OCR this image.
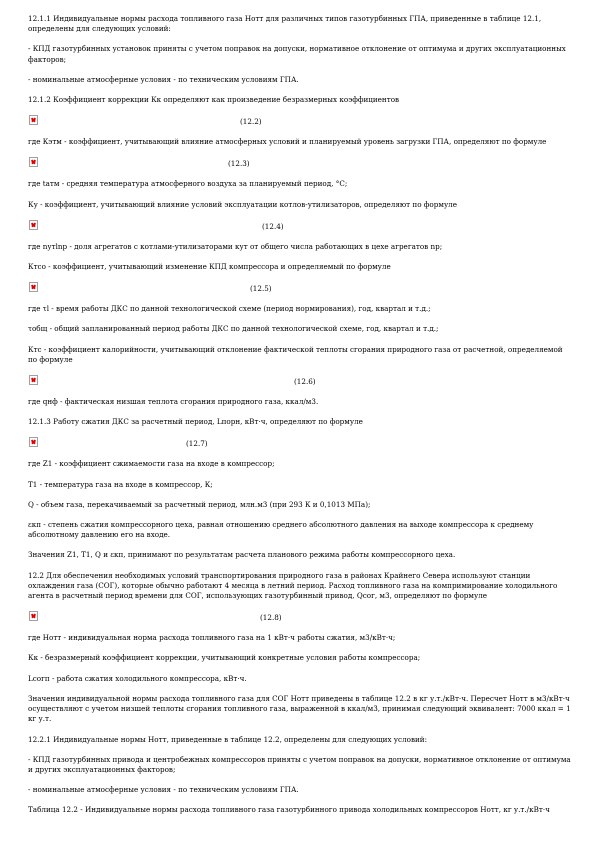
12.1.1 Индивидуальные нормы расхода топливного газа Нотт для различных типов газотурбинных ГПА, приведенные в таблице 12.1, определены для следующих условий:

- КПД газотурбинных установок приняты с учетом поправок на допуски, нормативное отклонение от оптимума и других эксплуатационных факторов;

- номинальные атмосферные условия - по техническим условиям ГПА.

12.1.2 Коэффициент коррекции Кк определяют как произведение безразмерных коэффициентов

(12.2)

где Кэтм - коэффициент, учитывающий влияние атмосферных условий и планируемый уровень загрузки ГПА, определяют по формуле

(12.3)

где tатм - средняя температура атмосферного воздуха за планируемый период, °С;

Ку - коэффициент, учитывающий влияние условий эксплуатации котлов-утилизаторов, определяют по формуле

(12.4)

где nутlnр - доля агрегатов с котлами-утилизаторами кут от общего числа работающих в цехе агрегатов nр;

Ктсо - коэффициент, учитывающий изменение КПД компрессора и определяемый по формуле

(12.5)

где τl - время работы ДКС по данной технологической схеме (период нормирования), год, квартал и т.д.;

τобщ - общий запланированный период работы ДКС по данной технологической схеме, год, квартал и т.д.;

Ктс - коэффициент калорийности, учитывающий отклонение фактической теплоты сгорания природного газа от расчетной, определяемой по формуле

(12.6)

где qнф - фактическая низшая теплота сгорания природного газа, ккал/м3.

12.1.3 Работу сжатия ДКС за расчетный период, Lпорн, кВт·ч, определяют по формуле

(12.7)

где Z1 - коэффициент сжимаемости газа на входе в компрессор;

T1 - температура газа на входе в компрессор, К;

Q - объем газа, перекачиваемый за расчетный период, млн.м3 (при 293 К и 0,1013 МПа);

εкп - степень сжатия компрессорного цеха, равная отношению среднего абсолютного давления на выходе компрессора к среднему абсолютному давлению его на входе.

Значения Z1, T1, Q и εкп, принимают по результатам расчета планового режима работы компрессорного цеха.

12.2 Для обеспечения необходимых условий транспортирования природного газа в районах Крайнего Севера используют станции охлаждения газа (СОГ), которые обычно работают 4 месяца в летний период. Расход топливного газа на компримирование холодильного агента в расчетный период времени для СОГ, использующих газотурбинный привод, Qсог, м3, определяют по формуле

(12.8)

где Нотт - индивидуальная норма расхода топливного газа на 1 кВт·ч работы сжатия, м3/кВт·ч;

Кк - безразмерный коэффициент коррекции, учитывающий конкретные условия работы компрессора;

Lсогп - работа сжатия холодильного компрессора, кВт·ч.

Значения индивидуальной нормы расхода топливного газа для СОГ Нотт приведены в таблице 12.2 в кг у.т./кВт·ч. Пересчет Нотт в м3/кВт·ч осуществляют с учетом низшей теплоты сгорания топливного газа, выраженной в ккал/м3, принимая следующий эквивалент: 7000 ккал = 1 кг у.т.

12.2.1 Индивидуальные нормы Нотт, приведенные в таблице 12.2, определены для следующих условий:

- КПД газотурбинных привода и центробежных компрессоров приняты с учетом поправок на допуски, нормативное отклонение от оптимума и других эксплуатационных факторов;

- номинальные атмосферные условия - по техническим условиям ГПА.

Таблица 12.2 - Индивидуальные нормы расхода топливного газа газотурбинного привода холодильных компрессоров Нотт, кг у.т./кВт·ч
